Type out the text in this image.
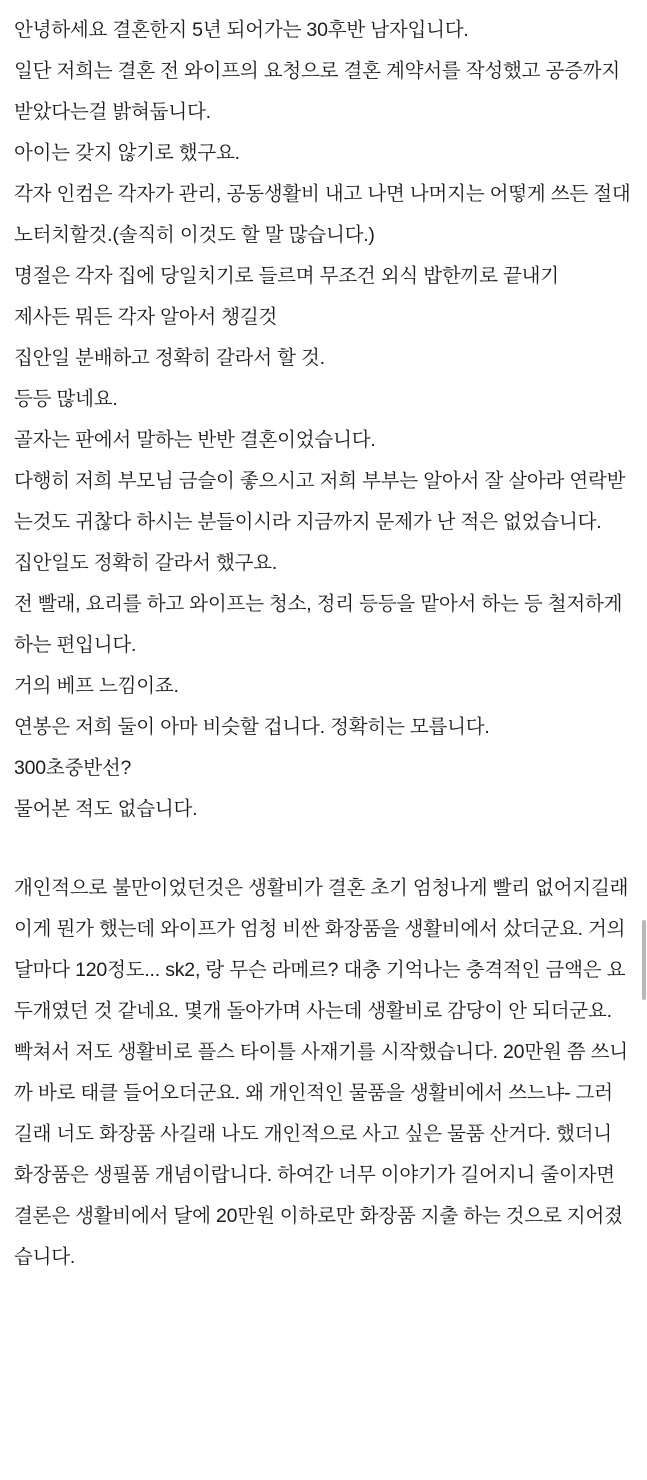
안녕하세요 결혼한지 5년 되어가는 30후반 남자입니다.

일단 저희는 결혼 전 와이프의 요청으로 결혼 계약서를 작성했고 공증까지 받았다는걸 밝혀둡니다.

아이는 갖지 않기로 했구요.

각자 인컴은 각자가 관리, 공동생활비 내고 나면 나머지는 어떻게 쓰든 절대 노터치할것.(솔직히 이것도 할 말 많습니다.)

명절은 각자 집에 당일치기로 들르며 무조건 외식 밥한끼로 끝내기

제사든 뭐든 각자 알아서 챙길것

집안일 분배하고 정확히 갈라서 할 것.

등등 많네요.

골자는 판에서 말하는 반반 결혼이었습니다.

다행히 저희 부모님 금슬이 좋으시고 저희 부부는 알아서 잘 살아라 연락받는것도 귀찮다 하시는 분들이시라 지금까지 문제가 난 적은 없었습니다.

집안일도 정확히 갈라서 했구요.

전 빨래, 요리를 하고 와이프는 청소, 정리 등등을 맡아서 하는 등 철저하게 하는 편입니다.

거의 베프 느낌이죠.

연봉은 저희 둘이 아마 비슷할 겁니다. 정확히는 모릅니다.

300초중반선?

물어본 적도 없습니다.

개인적으로 불만이었던것은 생활비가 결혼 초기 엄청나게 빨리 없어지길래 이게 뭔가 했는데 와이프가 엄청 비싼 화장품을 생활비에서 샀더군요. 거의 달마다 120정도... sk2, 랑 무슨 라메르? 대충 기억나는 충격적인 금액은 요 두개였던 것 같네요. 몇개 돌아가며 사는데 생활비로 감당이 안 되더군요.

빡쳐서 저도 생활비로 플스 타이틀 사재기를 시작했습니다. 20만원 쯤 쓰니까 바로 태클 들어오더군요. 왜 개인적인 물품을 생활비에서 쓰느냐- 그러길래 너도 화장품 사길래 나도 개인적으로 사고 싶은 물품 산거다. 했더니 화장품은 생필품 개념이랍니다. 하여간 너무 이야기가 길어지니 줄이자면 결론은 생활비에서 달에 20만원 이하로만 화장품 지출 하는 것으로 지어졌습니다.
